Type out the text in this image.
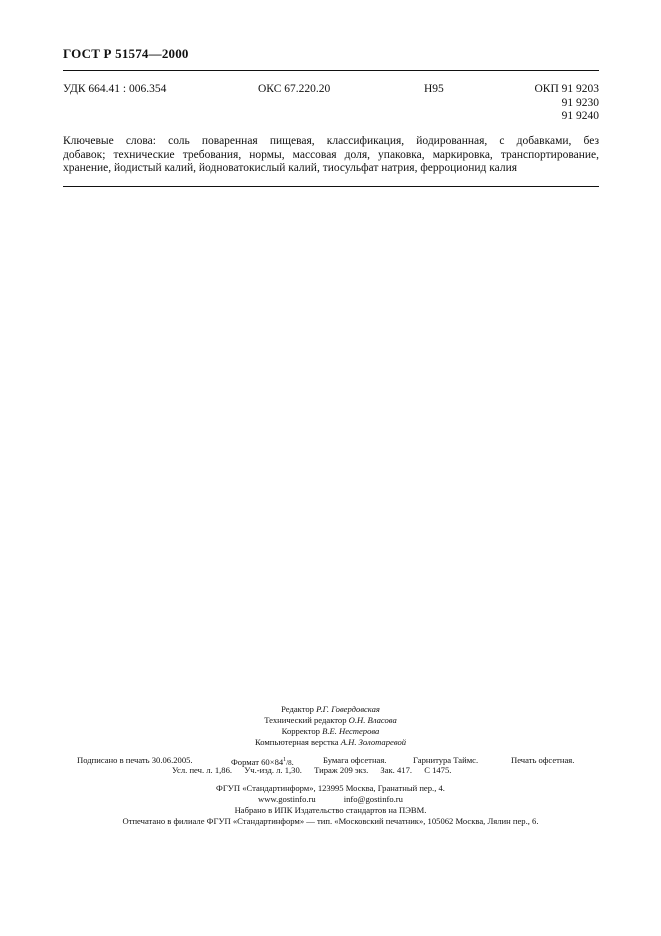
ГОСТ Р 51574—2000
УДК 664.41 : 006.354	ОКС 67.220.20	Н95	ОКП 91 9203
91 9230
91 9240
Ключевые слова: соль поваренная пищевая, классификация, йодированная, с добавками, без
добавок; технические требования, нормы, массовая доля, упаковка, маркировка, транспортирование,
хранение, йодистый калий, йодноватокислый калий, тиосульфат натрия, ферроционид калия
Редактор Р.Г. Говердовская
Технический редактор О.Н. Власова
Корректор В.Е. Нестерова
Компьютерная верстка А.Н. Золотаревой
Подписано в печать 30.06.2005.	Формат $60\times 84^1/8$.	Бумага офсетная.	Гарнитура Таймс.	Печать офсетная.
Усл. печ. л. 1,86. Уч.-изд. л. 1,30. Тираж 209 экз. Зак. 417. С 1475.
ФГУП «Стандартинформ», 123995 Москва, Гранатный пер., 4.
www.gostinfo.ru	info@gostinfo.ru
Набрано в ИПК Издательство стандартов на ПЭВМ.
Отпечатано в филиале ФГУП «Стандартинформ» — тип. «Московский печатник», 105062 Москва, Лялин пер., 6.
